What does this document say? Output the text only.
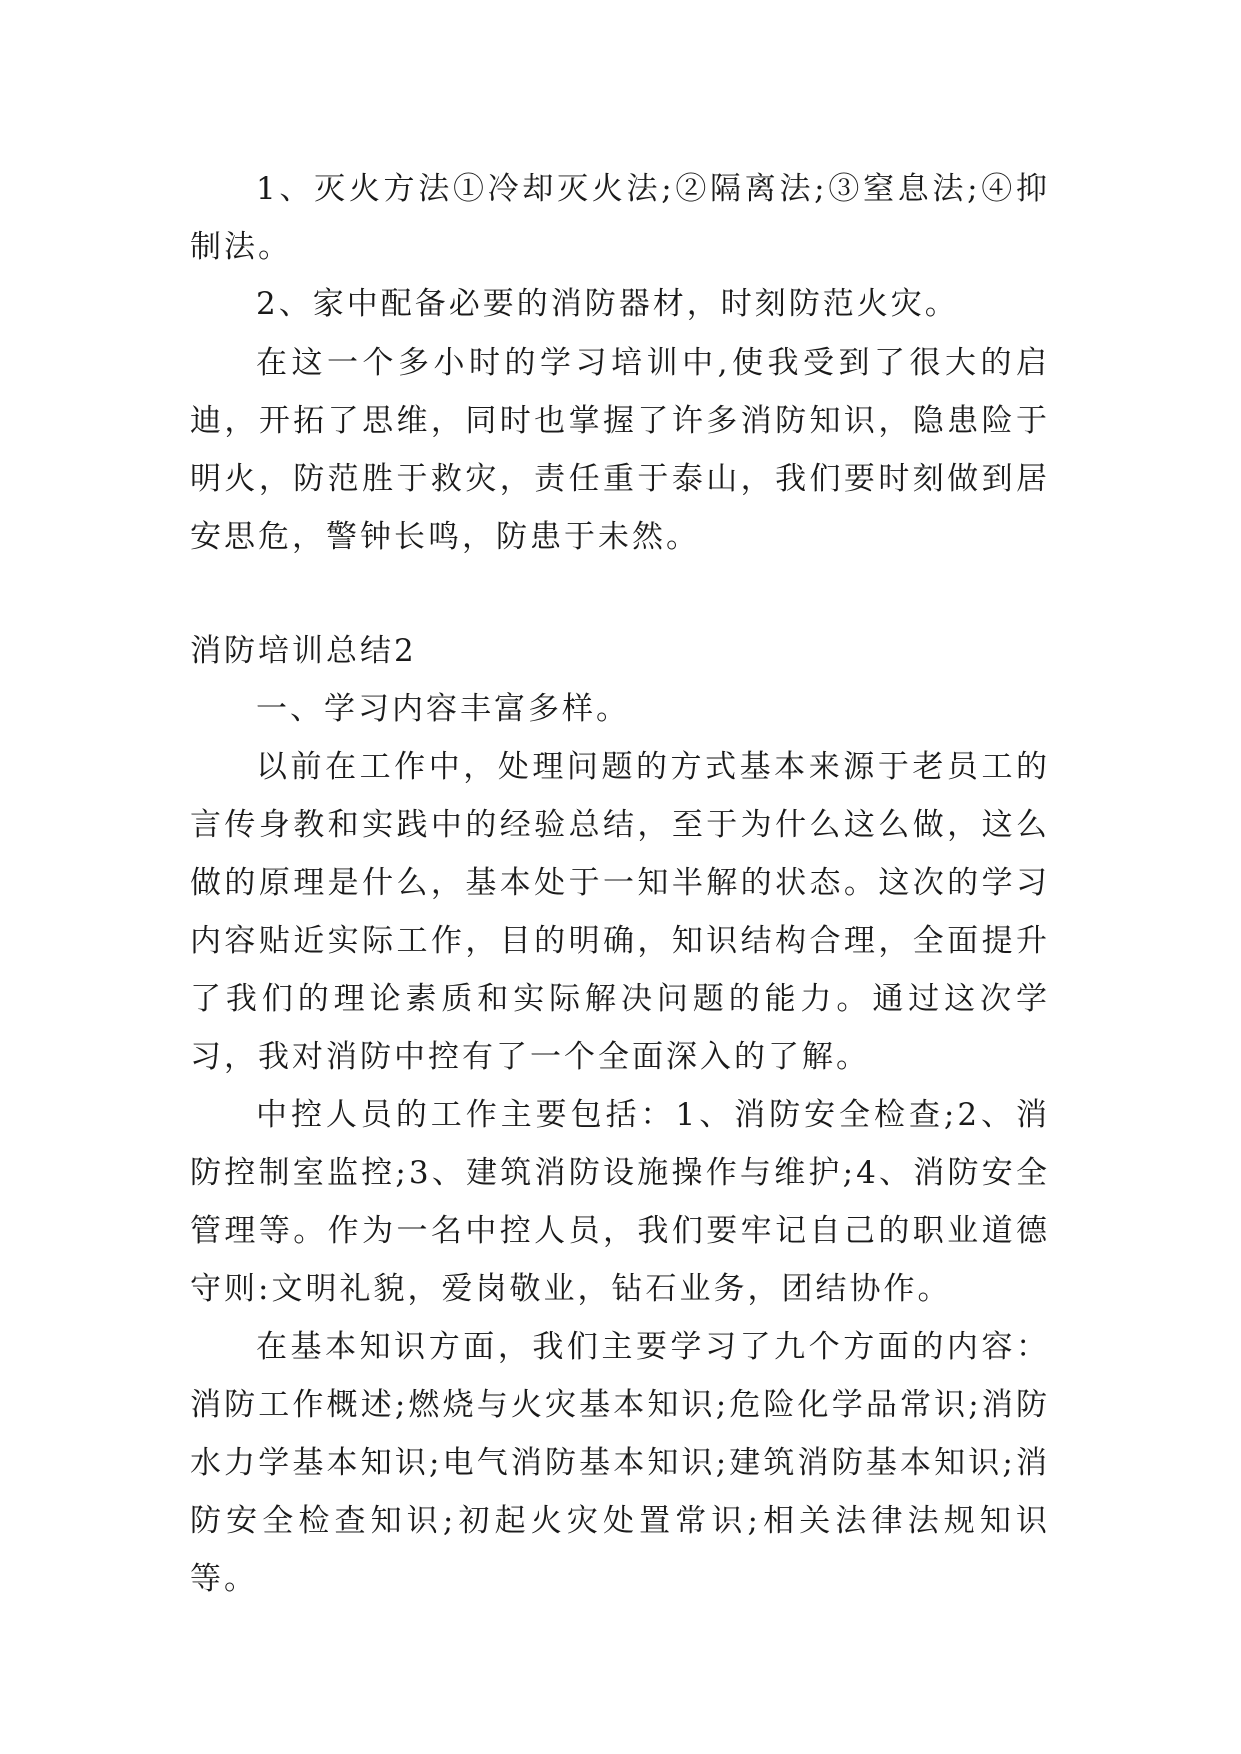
1、灭火方法①冷却灭火法;②隔离法;③窒息法;④抑制法。

2、家中配备必要的消防器材，时刻防范火灾。

在这一个多小时的学习培训中,使我受到了很大的启迪，开拓了思维，同时也掌握了许多消防知识，隐患险于明火，防范胜于救灾，责任重于泰山，我们要时刻做到居安思危，警钟长鸣，防患于未然。

消防培训总结2

一、学习内容丰富多样。

以前在工作中，处理问题的方式基本来源于老员工的言传身教和实践中的经验总结，至于为什么这么做，这么做的原理是什么，基本处于一知半解的状态。这次的学习内容贴近实际工作，目的明确，知识结构合理，全面提升了我们的理论素质和实际解决问题的能力。通过这次学习，我对消防中控有了一个全面深入的了解。

中控人员的工作主要包括：1、消防安全检查;2、消防控制室监控;3、建筑消防设施操作与维护;4、消防安全管理等。作为一名中控人员，我们要牢记自己的职业道德守则:文明礼貌，爱岗敬业，钻石业务，团结协作。

在基本知识方面，我们主要学习了九个方面的内容：消防工作概述;燃烧与火灾基本知识;危险化学品常识;消防水力学基本知识;电气消防基本知识;建筑消防基本知识;消防安全检查知识;初起火灾处置常识;相关法律法规知识等。
